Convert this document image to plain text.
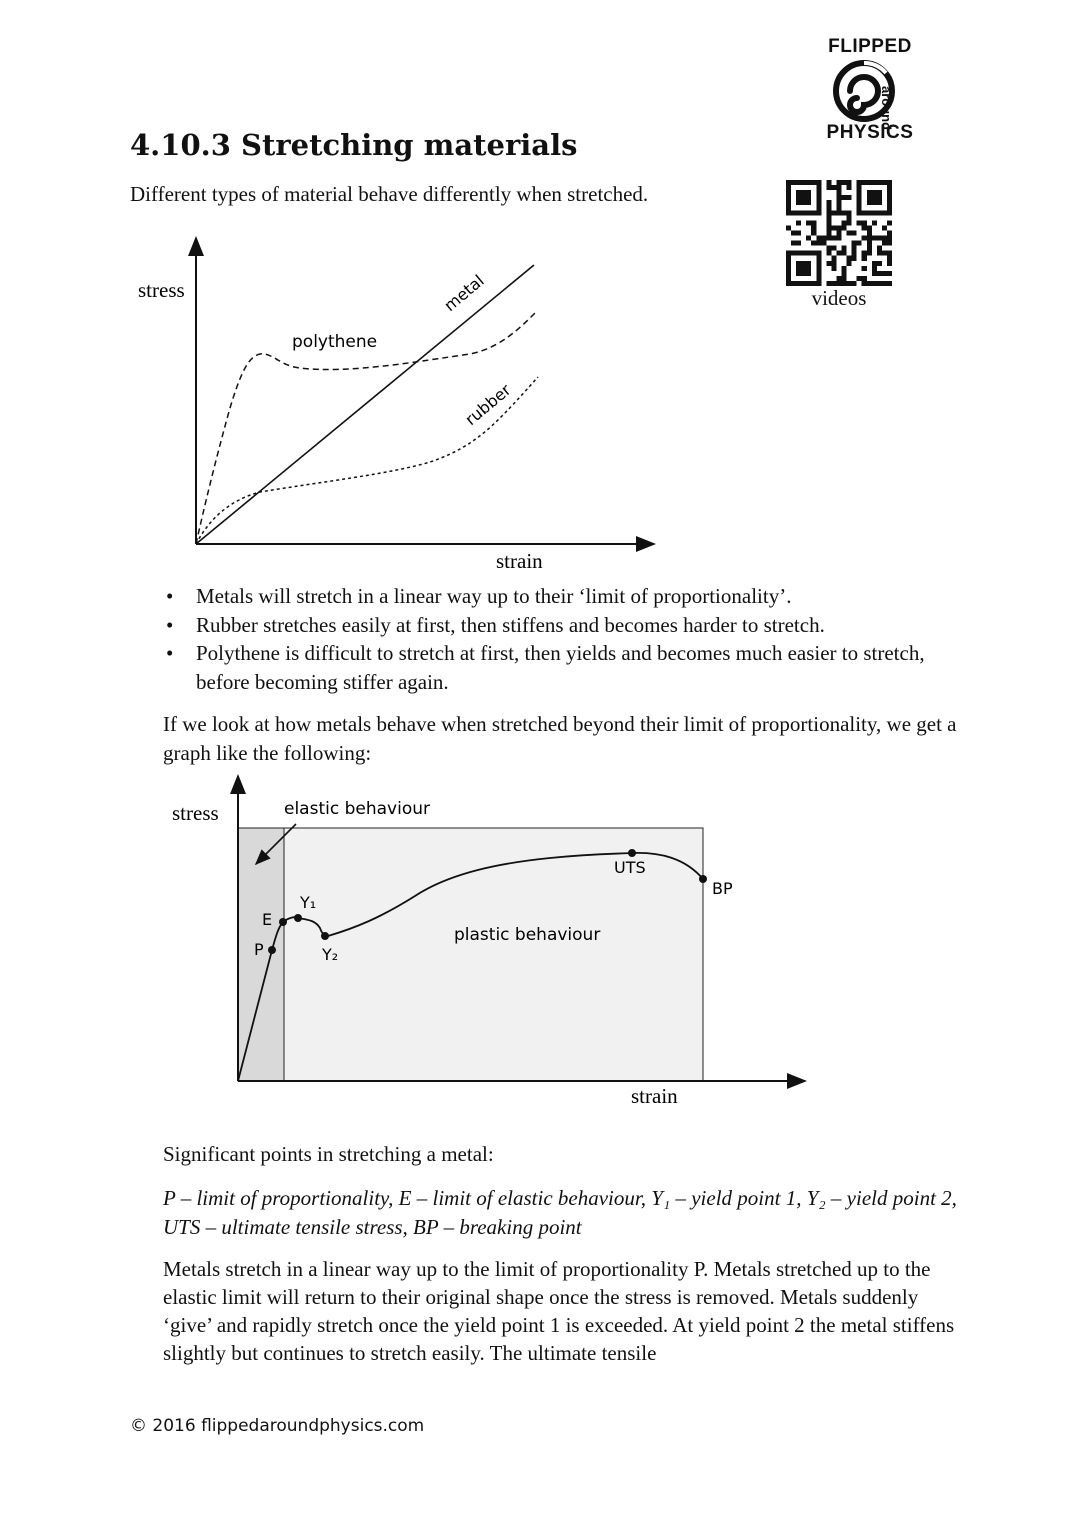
FLIPPED
around
PHYSICS
videos
4.10.3 Stretching materials
Different types of material behave differently when stretched.
stress
strain
metal
polythene
rubber
• Metals will stretch in a linear way up to their ‘limit of proportionality’.
• Rubber stretches easily at first, then stiffens and becomes harder to stretch.
• Polythene is difficult to stretch at first, then yields and becomes much easier to stretch, before becoming stiffer again.
If we look at how metals behave when stretched beyond their limit of proportionality, we get a graph like the following:
stress
strain
elastic behaviour
plastic behaviour
P
E
Y₁
Y₂
UTS
BP
Significant points in stretching a metal:
P – limit of proportionality, E – limit of elastic behaviour, Y₁ – yield point 1, Y₂ – yield point 2, UTS – ultimate tensile stress, BP – breaking point
Metals stretch in a linear way up to the limit of proportionality P. Metals stretched up to the elastic limit will return to their original shape once the stress is removed. Metals suddenly ‘give’ and rapidly stretch once the yield point 1 is exceeded. At yield point 2 the metal stiffens slightly but continues to stretch easily. The ultimate tensile
© 2016 flippedaroundphysics.com
